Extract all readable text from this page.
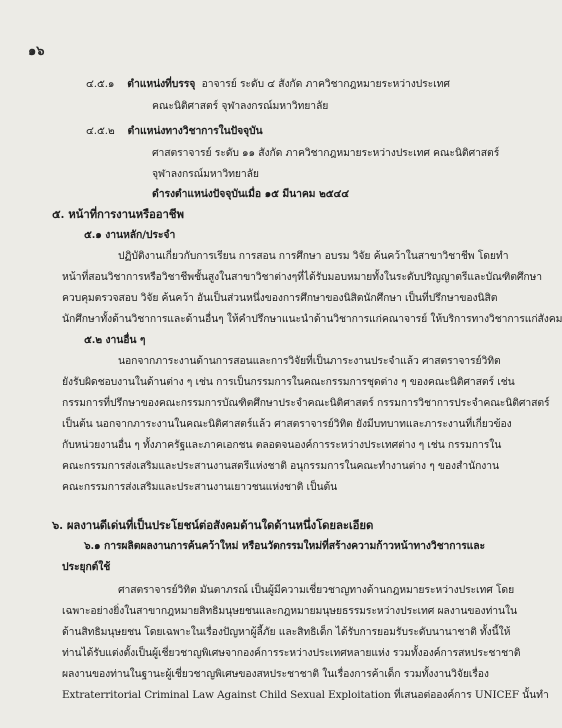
๑๖
๔.๕.๑ ตำแหน่งที่บรรจุ อาจารย์ ระดับ ๔ สังกัด ภาควิชากฎหมายระหว่างประเทศ
คณะนิติศาสตร์ จุฬาลงกรณ์มหาวิทยาลัย
๔.๕.๒ ตำแหน่งทางวิชาการในปัจจุบัน
ศาสตราจารย์ ระดับ ๑๑ สังกัด ภาควิชากฎหมายระหว่างประเทศ คณะนิติศาสตร์
จุฬาลงกรณ์มหาวิทยาลัย
ดำรงตำแหน่งปัจจุบันเมื่อ ๑๕ มีนาคม ๒๕๔๔
๕. หน้าที่การงานหรืออาชีพ
๕.๑ งานหลัก/ประจำ
ปฏิบัติงานเกี่ยวกับการเรียน การสอน การศึกษา อบรม วิจัย ค้นคว้าในสาขาวิชาชีพ โดยทำ
หน้าที่สอนวิชาการหรือวิชาชีพชั้นสูงในสาขาวิชาต่างๆที่ได้รับมอบหมายทั้งในระดับปริญญาตรีและบัณฑิตศึกษา
ควบคุมตรวจสอบ วิจัย ค้นคว้า อันเป็นส่วนหนึ่งของการศึกษาของนิสิตนักศึกษา เป็นที่ปรึกษาของนิสิต
นักศึกษาทั้งด้านวิชาการและด้านอื่นๆ ให้คำปรึกษาแนะนำด้านวิชาการแก่คณาจารย์ ให้บริการทางวิชาการแก่สังคม
๕.๒ งานอื่น ๆ
นอกจากภาระงานด้านการสอนและการวิจัยที่เป็นภาระงานประจำแล้ว ศาสตราจารย์วิทิต
ยังรับผิดชอบงานในด้านต่าง ๆ เช่น การเป็นกรรมการในคณะกรรมการชุดต่าง ๆ ของคณะนิติศาสตร์ เช่น
กรรมการที่ปรึกษาของคณะกรรมการบัณฑิตศึกษาประจำคณะนิติศาสตร์ กรรมการวิชาการประจำคณะนิติศาสตร์
เป็นต้น นอกจากภาระงานในคณะนิติศาสตร์แล้ว ศาสตราจารย์วิทิต ยังมีบทบาทและภาระงานที่เกี่ยวข้อง
กับหน่วยงานอื่น ๆ ทั้งภาครัฐและภาคเอกชน ตลอดจนองค์การระหว่างประเทศต่าง ๆ เช่น กรรมการใน
คณะกรรมการส่งเสริมและประสานงานสตรีแห่งชาติ อนุกรรมการในคณะทำงานต่าง ๆ ของสำนักงาน
คณะกรรมการส่งเสริมและประสานงานเยาวชนแห่งชาติ เป็นต้น
๖. ผลงานดีเด่นที่เป็นประโยชน์ต่อสังคมด้านใดด้านหนึ่งโดยละเอียด
๖.๑ การผลิตผลงานการค้นคว้าใหม่ หรือนวัตกรรมใหม่ที่สร้างความก้าวหน้าทางวิชาการและ
ประยุกต์ใช้
ศาสตราจารย์วิทิต มันตาภรณ์ เป็นผู้มีความเชี่ยวชาญทางด้านกฎหมายระหว่างประเทศ โดย
เฉพาะอย่างยิ่งในสาขากฎหมายสิทธิมนุษยชนและกฎหมายมนุษยธรรมระหว่างประเทศ ผลงานของท่านใน
ด้านสิทธิมนุษยชน โดยเฉพาะในเรื่องปัญหาผู้ลี้ภัย และสิทธิเด็ก ได้รับการยอมรับระดับนานาชาติ ทั้งนี้ให้
ท่านได้รับแต่งตั้งเป็นผู้เชี่ยวชาญพิเศษจากองค์การระหว่างประเทศหลายแห่ง รวมทั้งองค์การสหประชาชาติ
ผลงานของท่านในฐานะผู้เชี่ยวชาญพิเศษของสหประชาชาติ ในเรื่องการค้าเด็ก รวมทั้งงานวิจัยเรื่อง
Extraterritorial Criminal Law Against Child Sexual Exploitation ที่เสนอต่อองค์การ UNICEF นั้นทำ
